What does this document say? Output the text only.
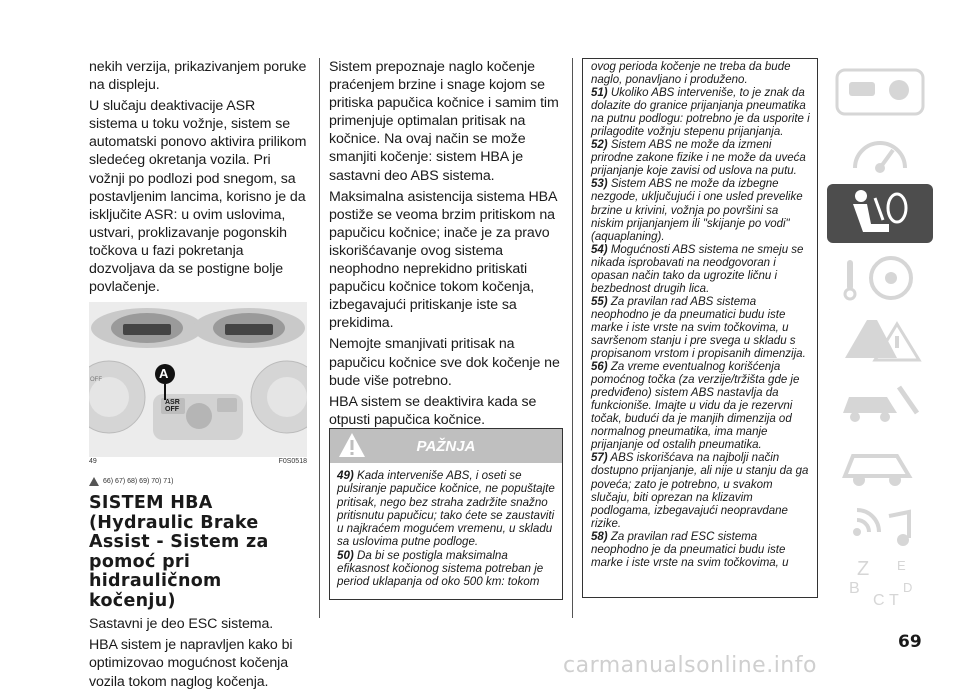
nekih verzija, prikazivanjem poruke na displeju.

U slučaju deaktivacije ASR sistema u toku vožnje, sistem se automatski ponovo aktivira prilikom sledećeg okretanja vozila. Pri vožnji po podlozi pod snegom, sa postavljenim lancima, korisno je da isključite ASR: u ovim uslovima, ustvari, proklizavanje pogonskih točkova u fazi pokretanja dozvoljava da se postigne bolje povlačenje.

A
ASR
OFF
OFF
49	F0S0518
66) 67) 68) 69) 70) 71)
SISTEM HBA (Hydraulic Brake Assist - Sistem za pomoć pri hidrauličnom kočenju)

Sastavni je deo ESC sistema.

HBA sistem je napravljen kako bi optimizovao mogućnost kočenja vozila tokom naglog kočenja.

Sistem prepoznaje naglo kočenje praćenjem brzine i snage kojom se pritiska papučica kočnice i samim tim primenjuje optimalan pritisak na kočnice. Na ovaj način se može smanjiti kočenje: sistem HBA je sastavni deo ABS sistema.

Maksimalna asistencija sistema HBA postiže se veoma brzim pritiskom na papučicu kočnice; inače je za pravo iskorišćavanje ovog sistema neophodno neprekidno pritiskati papučicu kočnice tokom kočenja, izbegavajući pritiskanje iste sa prekidima.

Nemojte smanjivati pritisak na papučicu kočnice sve dok kočenje ne bude više potrebno.

HBA sistem se deaktivira kada se otpusti papučica kočnice.

PAŽNJA

49) Kada interveniše ABS, i oseti se pulsiranje papučice kočnice, ne popuštajte pritisak, nego bez straha zadržite snažno pritisnutu papučicu; tako ćete se zaustaviti u najkraćem mogućem vremenu, u skladu sa uslovima putne podloge.

50) Da bi se postigla maksimalna efikasnost kočionog sistema potreban je period uklapanja od oko 500 km: tokom

ovog perioda kočenje ne treba da bude naglo, ponavljano i produženo.

51) Ukoliko ABS interveniše, to je znak da dolazite do granice prijanjanja pneumatika na putnu podlogu: potrebno je da usporite i prilagodite vožnju stepenu prijanjanja.

52) Sistem ABS ne može da izmeni prirodne zakone fizike i ne može da uveća prijanjanje koje zavisi od uslova na putu.

53) Sistem ABS ne može da izbegne nezgode, uključujući i one usled prevelike brzine u krivini, vožnja po površini sa niskim prijanjanjem ili "skijanje po vodi" (aquaplaning).

54) Mogućnosti ABS sistema ne smeju se nikada isprobavati na neodgovoran i opasan način tako da ugrozite ličnu i bezbednost drugih lica.

55) Za pravilan rad ABS sistema neophodno je da pneumatici budu iste marke i iste vrste na svim točkovima, u savršenom stanju i pre svega u skladu s propisanom vrstom i propisanih dimenzija.

56) Za vreme eventualnog korišćenja pomoćnog točka (za verzije/tržišta gde je predviđeno) sistem ABS nastavlja da funkcioniše. Imajte u vidu da je rezervni točak, budući da je manjih dimenzija od normalnog pneumatika, ima manje prijanjanje od ostalih pneumatika.

57) ABS iskorišćava na najbolji način dostupno prijanjanje, ali nije u stanju da ga poveća; zato je potrebno, u svakom slučaju, biti oprezan na klizavim podlogama, izbegavajući neopravdane rizike.

58) Za pravilan rad ESC sistema neophodno je da pneumatici budu iste marke i iste vrste na svim točkovima, u	Z E
B
C T
D
69
carmanualsonline.info
